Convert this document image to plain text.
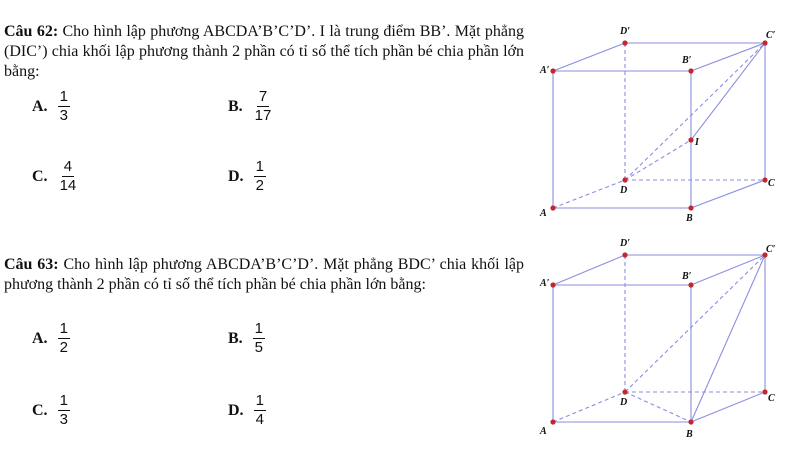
Câu 62: Cho hình lập phương ABCDA’B’C’D’. I là trung điểm BB’. Mặt phẳng (DIC’) chia khối lập phương thành 2 phần có tỉ số thể tích phần bé chia phần lớn bằng:
A. $\frac{1}{3}$	B. $\frac{7}{17}$
C. $\frac{4}{14}$	D. $\frac{1}{2}$
Câu 63: Cho hình lập phương ABCDA’B’C’D’. Mặt phẳng BDC’ chia khối lập phương thành 2 phần có tỉ số thể tích phần bé chia phần lớn bằng:
A. $\frac{1}{2}$	B. $\frac{1}{5}$
C. $\frac{1}{3}$	D. $\frac{1}{4}$
D′	C′
A′
B′
I
D
C
A	B
D′
C′
A′
B′
D	C
A	B
